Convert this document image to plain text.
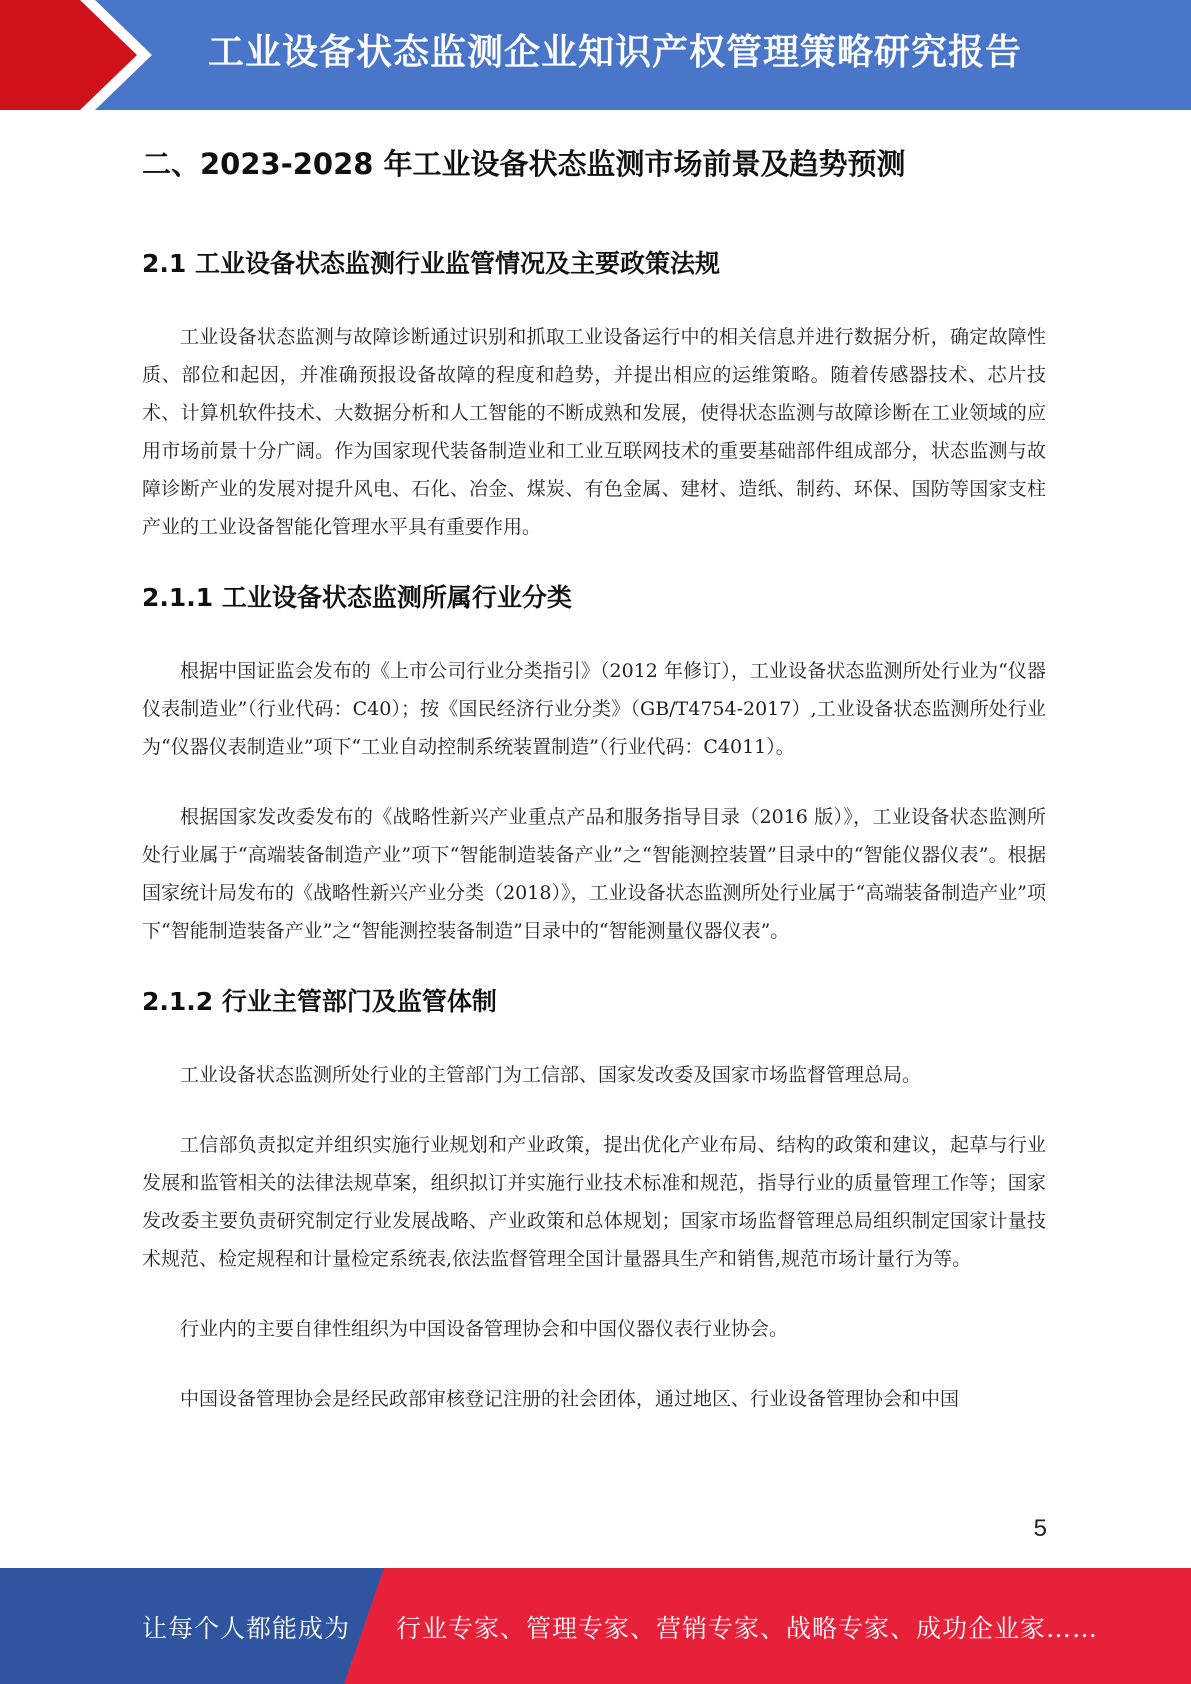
工业设备状态监测企业知识产权管理策略研究报告
二、2023-2028 年工业设备状态监测市场前景及趋势预测
2.1 工业设备状态监测行业监管情况及主要政策法规

工业设备状态监测与故障诊断通过识别和抓取工业设备运行中的相关信息并进行数据分析，确定故障性质、部位和起因，并准确预报设备故障的程度和趋势，并提出相应的运维策略。随着传感器技术、芯片技术、计算机软件技术、大数据分析和人工智能的不断成熟和发展，使得状态监测与故障诊断在工业领域的应用市场前景十分广阔。作为国家现代装备制造业和工业互联网技术的重要基础部件组成部分，状态监测与故障诊断产业的发展对提升风电、石化、冶金、煤炭、有色金属、建材、造纸、制药、环保、国防等国家支柱产业的工业设备智能化管理水平具有重要作用。

2.1.1 工业设备状态监测所属行业分类

根据中国证监会发布的《上市公司行业分类指引》（2012 年修订），工业设备状态监测所处行业为“仪器仪表制造业”（行业代码：C40）；按《国民经济行业分类》（GB/T4754-2017）,工业设备状态监测所处行业为“仪器仪表制造业”项下“工业自动控制系统装置制造”（行业代码：C4011）。

根据国家发改委发布的《战略性新兴产业重点产品和服务指导目录（2016 版）》，工业设备状态监测所处行业属于“高端装备制造产业”项下“智能制造装备产业”之“智能测控装置”目录中的“智能仪器仪表”。根据国家统计局发布的《战略性新兴产业分类（2018）》，工业设备状态监测所处行业属于“高端装备制造产业”项下“智能制造装备产业”之“智能测控装备制造”目录中的“智能测量仪器仪表”。

2.1.2 行业主管部门及监管体制

工业设备状态监测所处行业的主管部门为工信部、国家发改委及国家市场监督管理总局。

工信部负责拟定并组织实施行业规划和产业政策，提出优化产业布局、结构的政策和建议，起草与行业发展和监管相关的法律法规草案，组织拟订并实施行业技术标准和规范，指导行业的质量管理工作等；国家发改委主要负责研究制定行业发展战略、产业政策和总体规划；国家市场监督管理总局组织制定国家计量技术规范、检定规程和计量检定系统表,依法监督管理全国计量器具生产和销售,规范市场计量行为等。

行业内的主要自律性组织为中国设备管理协会和中国仪器仪表行业协会。

中国设备管理协会是经民政部审核登记注册的社会团体，通过地区、行业设备管理协会和中国

5
让每个人都能成为 行业专家、管理专家、营销专家、战略专家、成功企业家……
